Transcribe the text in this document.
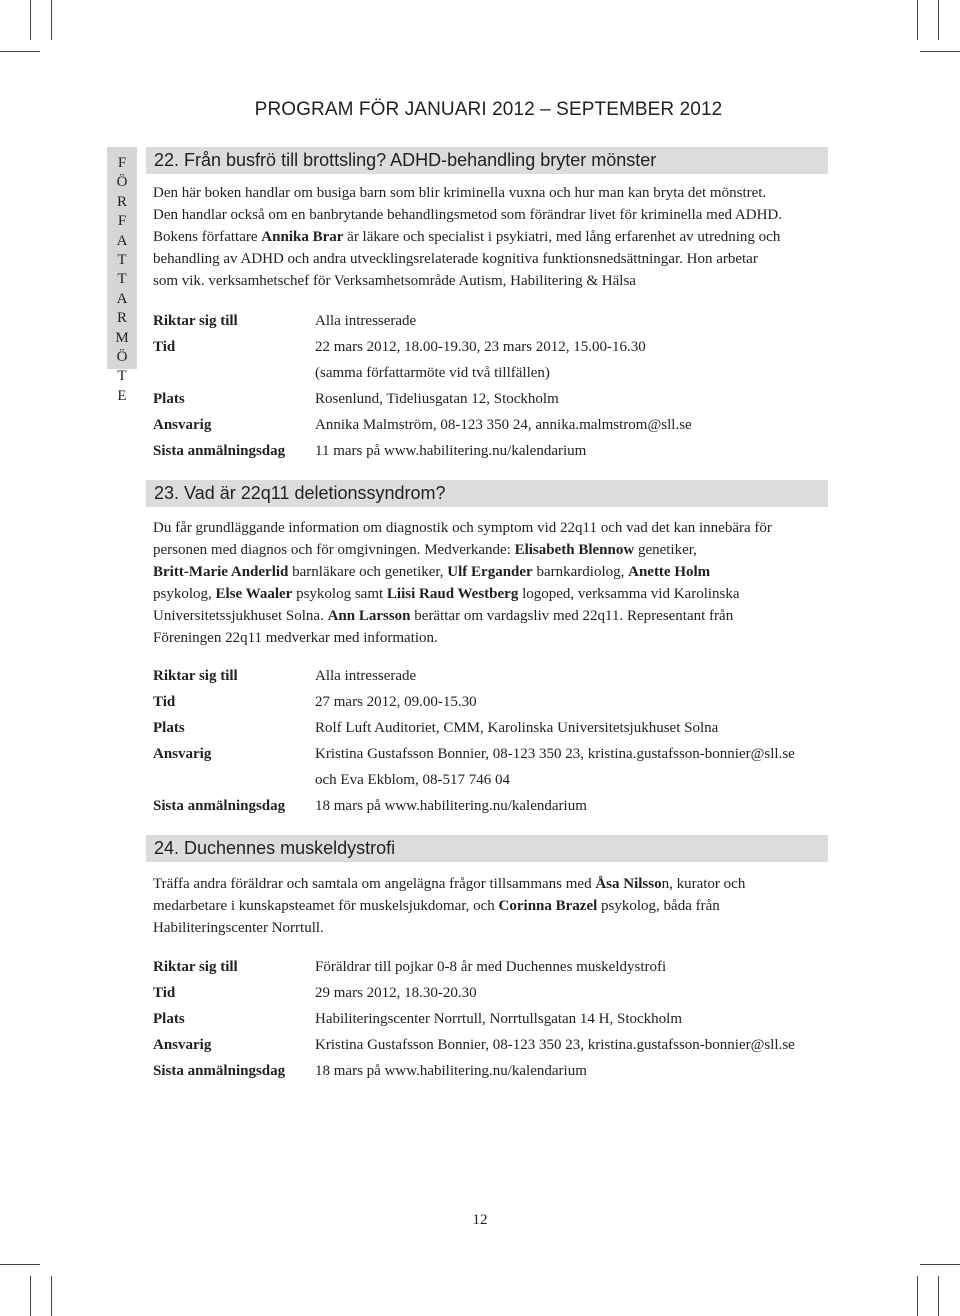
PROGRAM FÖR JANUARI 2012 – SEPTEMBER 2012
F
Ö
R
F
A
T
T
A
R
M
Ö
T
E
22. Från busfrö till brottsling? ADHD-behandling bryter mönster
Den här boken handlar om busiga barn som blir kriminella vuxna och hur man kan bryta det mönstret.
Den handlar också om en banbrytande behandlingsmetod som förändrar livet för kriminella med ADHD.
Bokens författare Annika Brar är läkare och specialist i psykiatri, med lång erfarenhet av utredning och
behandling av ADHD och andra utvecklingsrelaterade kognitiva funktionsnedsättningar. Hon arbetar
som vik. verksamhetschef för Verksamhetsområde Autism, Habilitering & Hälsa
Riktar sig till	Alla intresserade
Tid	22 mars 2012, 18.00-19.30, 23 mars 2012, 15.00-16.30
(samma författarmöte vid två tillfällen)
Plats	Rosenlund, Tideliusgatan 12, Stockholm
Ansvarig	Annika Malmström, 08-123 350 24, annika.malmstrom@sll.se
Sista anmälningsdag 11 mars på www.habilitering.nu/kalendarium
23. Vad är 22q11 deletionssyndrom?
Du får grundläggande information om diagnostik och symptom vid 22q11 och vad det kan innebära för
personen med diagnos och för omgivningen. Medverkande: Elisabeth Blennow genetiker,
Britt-Marie Anderlid barnläkare och genetiker, Ulf Ergander barnkardiolog, Anette Holm
psykolog, Else Waaler psykolog samt Liisi Raud Westberg logoped, verksamma vid Karolinska
Universitetssjukhuset Solna. Ann Larsson berättar om vardagsliv med 22q11. Representant från
Föreningen 22q11 medverkar med information.
Riktar sig till	Alla intresserade
Tid	27 mars 2012, 09.00-15.30
Plats	Rolf Luft Auditoriet, CMM, Karolinska Universitetsjukhuset Solna
Ansvarig	Kristina Gustafsson Bonnier, 08-123 350 23, kristina.gustafsson-bonnier@sll.se
och Eva Ekblom, 08-517 746 04
Sista anmälningsdag 18 mars på www.habilitering.nu/kalendarium
24. Duchennes muskeldystrofi
Träffa andra föräldrar och samtala om angelägna frågor tillsammans med Åsa Nilsson, kurator och
medarbetare i kunskapsteamet för muskelsjukdomar, och Corinna Brazel psykolog, båda från
Habiliteringscenter Norrtull.
Riktar sig till	Föräldrar till pojkar 0-8 år med Duchennes muskeldystrofi
Tid	29 mars 2012, 18.30-20.30
Plats	Habiliteringscenter Norrtull, Norrtullsgatan 14 H, Stockholm
Ansvarig	Kristina Gustafsson Bonnier, 08-123 350 23, kristina.gustafsson-bonnier@sll.se
Sista anmälningsdag 18 mars på www.habilitering.nu/kalendarium
12
